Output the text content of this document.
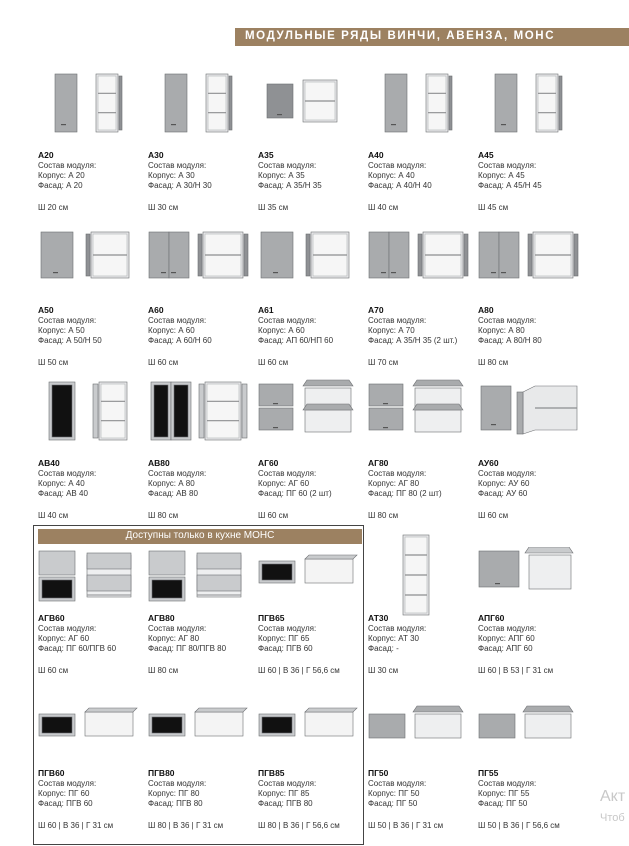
МОДУЛЬНЫЕ РЯДЫ ВИНЧИ, АВЕНЗА, МОНС
Доступны только в кухне МОНС
А20
Состав модуля:
Корпус: А 20
Фасад: А 20
Ш 20 см
А30
Состав модуля:
Корпус: А 30
Фасад: А 30/Н 30
Ш 30 см
А35
Состав модуля:
Корпус: А 35
Фасад: А 35/Н 35
Ш 35 см
А40
Состав модуля:
Корпус: А 40
Фасад: А 40/Н 40
Ш 40 см
А45
Состав модуля:
Корпус: А 45
Фасад: А 45/Н 45
Ш 45 см
А50
Состав модуля:
Корпус: А 50
Фасад: А 50/Н 50
Ш 50 см
А60
Состав модуля:
Корпус: А 60
Фасад: А 60/Н 60
Ш 60 см
А61
Состав модуля:
Корпус: А 60
Фасад: АП 60/НП 60
Ш 60 см
А70
Состав модуля:
Корпус: А 70
Фасад: А 35/Н 35 (2 шт.)
Ш 70 см
А80
Состав модуля:
Корпус: А 80
Фасад: А 80/Н 80
Ш 80 см
АВ40
Состав модуля:
Корпус: А 40
Фасад: АВ 40
Ш 40 см
АВ80
Состав модуля:
Корпус: А 80
Фасад: АВ 80
Ш 80 см
АГ60
Состав модуля:
Корпус: АГ 60
Фасад: ПГ 60 (2 шт)
Ш 60 см
АГ80
Состав модуля:
Корпус: АГ 80
Фасад: ПГ 80 (2 шт)
Ш 80 см
АУ60
Состав модуля:
Корпус: АУ 60
Фасад: АУ 60
Ш 60 см
АГВ60
Состав модуля:
Корпус: АГ 60
Фасад: ПГ 60/ПГВ 60
Ш 60 см
АГВ80
Состав модуля:
Корпус: АГ 80
Фасад: ПГ 80/ПГВ 80
Ш 80 см
ПГВ65
Состав модуля:
Корпус: ПГ 65
Фасад: ПГВ 60
Ш 60 | В 36 | Г 56,6 см
АТ30
Состав модуля:
Корпус: АТ 30
Фасад: -
Ш 30 см
АПГ60
Состав модуля:
Корпус: АПГ 60
Фасад: АПГ 60
Ш 60 | В 53 | Г 31 см
ПГВ60
Состав модуля:
Корпус: ПГ 60
Фасад: ПГВ 60
Ш 60 | В 36 | Г 31 см
ПГВ80
Состав модуля:
Корпус: ПГ 80
Фасад: ПГВ 80
Ш 80 | В 36 | Г 31 см
ПГВ85
Состав модуля:
Корпус: ПГ 85
Фасад: ПГВ 80
Ш 80 | В 36 | Г 56,6 см
ПГ50
Состав модуля:
Корпус: ПГ 50
Фасад: ПГ 50
Ш 50 | В 36 | Г 31 см
ПГ55
Состав модуля:
Корпус: ПГ 55
Фасад: ПГ 50
Ш 50 | В 36 | Г 56,6 см
Акт
Чтоб
